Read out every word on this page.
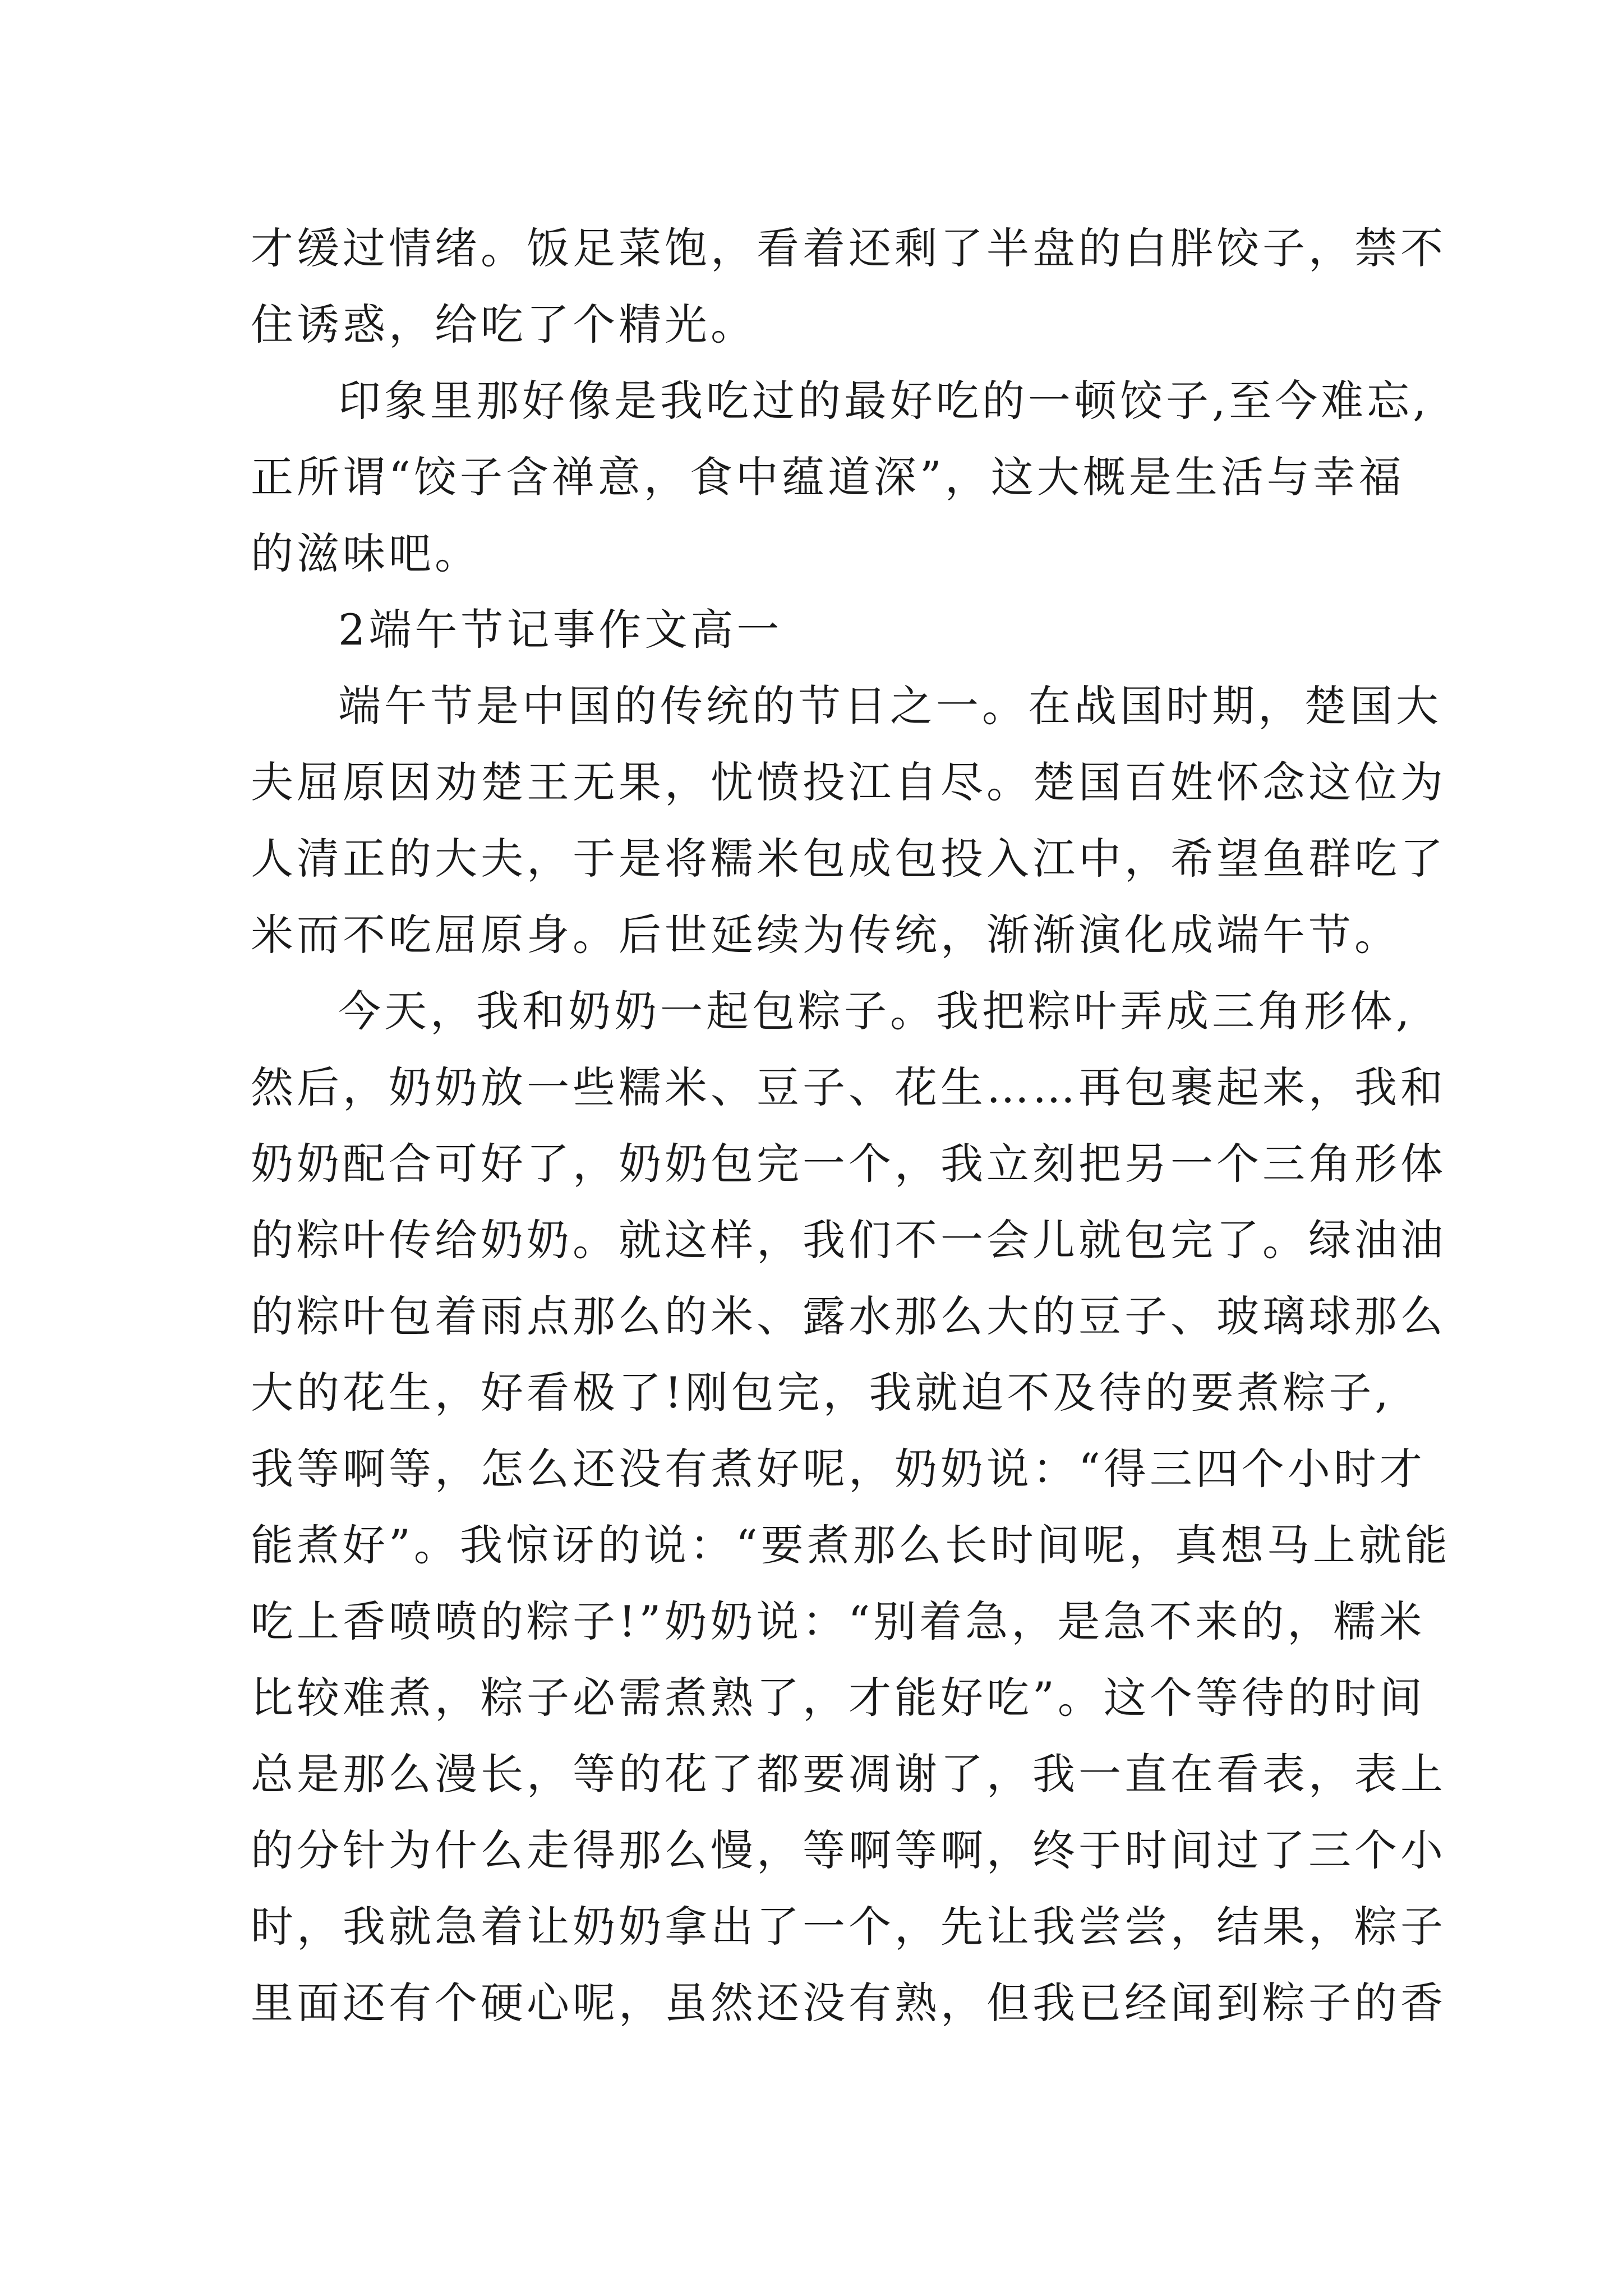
才缓过情绪。饭足菜饱，看着还剩了半盘的白胖饺子，禁不
住诱惑，给吃了个精光。
印象里那好像是我吃过的最好吃的一顿饺子,至今难忘,
正所谓“饺子含禅意，食中蕴道深”，这大概是生活与幸福
的滋味吧。
2端午节记事作文高一
端午节是中国的传统的节日之一。在战国时期，楚国大
夫屈原因劝楚王无果，忧愤投江自尽。楚国百姓怀念这位为
人清正的大夫，于是将糯米包成包投入江中，希望鱼群吃了
米而不吃屈原身。后世延续为传统，渐渐演化成端午节。
今天，我和奶奶一起包粽子。我把粽叶弄成三角形体,
然后，奶奶放一些糯米、豆子、花生……再包裹起来，我和
奶奶配合可好了，奶奶包完一个，我立刻把另一个三角形体
的粽叶传给奶奶。就这样，我们不一会儿就包完了。绿油油
的粽叶包着雨点那么的米、露水那么大的豆子、玻璃球那么
大的花生，好看极了!刚包完，我就迫不及待的要煮粽子,
我等啊等，怎么还没有煮好呢，奶奶说：“得三四个小时才
能煮好”。我惊讶的说：“要煮那么长时间呢，真想马上就能
吃上香喷喷的粽子!”奶奶说：“别着急，是急不来的，糯米
比较难煮，粽子必需煮熟了，才能好吃”。这个等待的时间
总是那么漫长，等的花了都要凋谢了，我一直在看表，表上
的分针为什么走得那么慢，等啊等啊，终于时间过了三个小
时，我就急着让奶奶拿出了一个，先让我尝尝，结果，粽子
里面还有个硬心呢，虽然还没有熟，但我已经闻到粽子的香
